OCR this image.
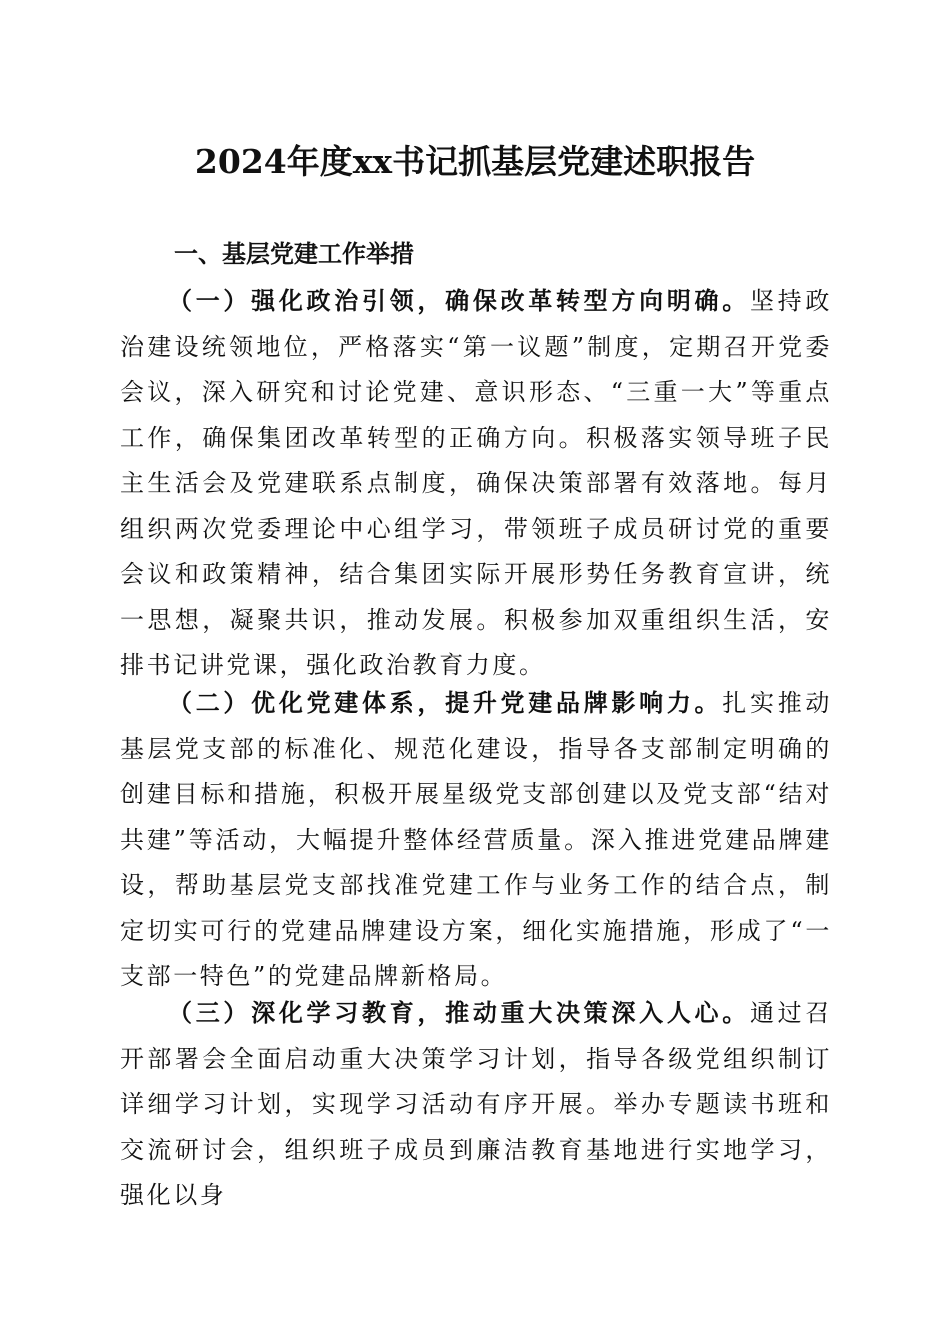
2024年度xx书记抓基层党建述职报告
一、基层党建工作举措

（一）强化政治引领，确保改革转型方向明确。坚持政治建设统领地位，严格落实“第一议题”制度，定期召开党委会议，深入研究和讨论党建、意识形态、“三重一大”等重点工作，确保集团改革转型的正确方向。积极落实领导班子民主生活会及党建联系点制度，确保决策部署有效落地。每月组织两次党委理论中心组学习，带领班子成员研讨党的重要会议和政策精神，结合集团实际开展形势任务教育宣讲，统一思想，凝聚共识，推动发展。积极参加双重组织生活，安排书记讲党课，强化政治教育力度。

（二）优化党建体系，提升党建品牌影响力。扎实推动基层党支部的标准化、规范化建设，指导各支部制定明确的创建目标和措施，积极开展星级党支部创建以及党支部“结对共建”等活动，大幅提升整体经营质量。深入推进党建品牌建设，帮助基层党支部找准党建工作与业务工作的结合点，制定切实可行的党建品牌建设方案，细化实施措施，形成了“一支部一特色”的党建品牌新格局。

（三）深化学习教育，推动重大决策深入人心。通过召开部署会全面启动重大决策学习计划，指导各级党组织制订详细学习计划，实现学习活动有序开展。举办专题读书班和交流研讨会，组织班子成员到廉洁教育基地进行实地学习，强化以身
